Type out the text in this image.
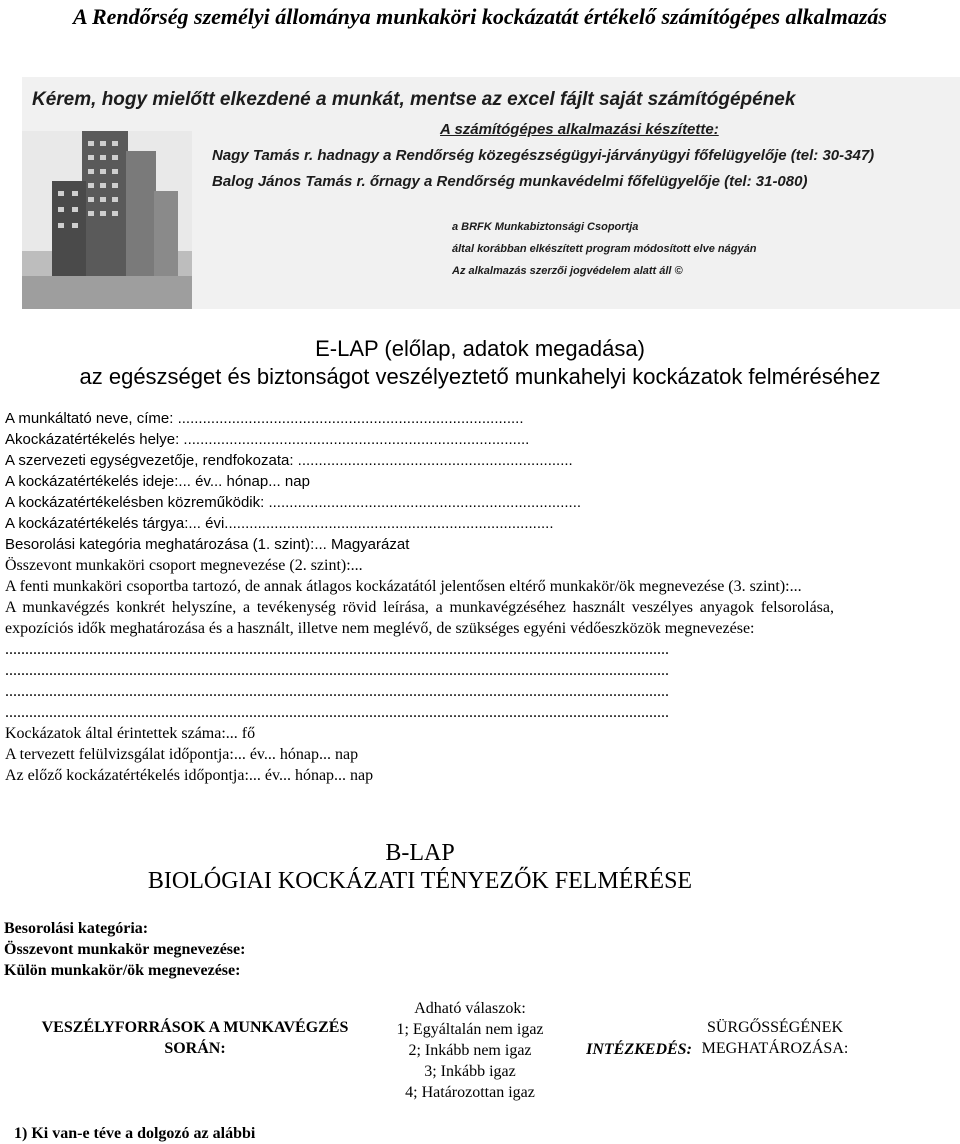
A Rendőrség személyi állománya munkaköri kockázatát értékelő számítógépes alkalmazás
Kérem, hogy mielőtt elkezdené a munkát, mentse az excel fájlt saját számítógépének
A számítógépes alkalmazási készítette:
Nagy Tamás r. hadnagy a Rendőrség közegészségügyi-járványügyi főfelügyelője (tel: 30-347)
Balog János Tamás r. őrnagy a Rendőrség munkavédelmi főfelügyelője (tel: 31-080)
a BRFK Munkabiztonsági Csoportja
által korábban elkészített program módosított elve nágyán
Az alkalmazás szerzői jogvédelem alatt áll ©
E-LAP (előlap, adatok megadása)
az egészséget és biztonságot veszélyeztető munkahelyi kockázatok felméréséhez

A munkáltató neve, címe: ...................................................................................

Akockázatértékelés helye: ...................................................................................

A szervezeti egységvezetője, rendfokozata: ..................................................................

A kockázatértékelés ideje:... év... hónap... nap

A kockázatértékelésben közreműködik: ...........................................................................

A kockázatértékelés tárgya:... évi...............................................................................

Besorolási kategória meghatározása (1. szint):... Magyarázat

Összevont munkaköri csoport megnevezése (2. szint):...

A fenti munkaköri csoportba tartozó, de annak átlagos kockázatától jelentősen eltérő munkakör/ök megnevezése (3. szint):...

A munkavégzés konkrét helyszíne, a tevékenység rövid leírása, a munkavégzéséhez használt veszélyes anyagok felsorolása, expozíciós idők meghatározása és a használt, illetve nem meglévő, de szükséges egyéni védőeszközök megnevezése:

......................................................................................................................................................................

......................................................................................................................................................................

......................................................................................................................................................................

......................................................................................................................................................................

Kockázatok által érintettek száma:... fő

A tervezett felülvizsgálat időpontja:... év... hónap... nap

Az előző kockázatértékelés időpontja:... év... hónap... nap

B-LAP
BIOLÓGIAI KOCKÁZATI TÉNYEZŐK FELMÉRÉSE
Besorolási kategória:
Összevont munkakör megnevezése:
Külön munkakör/ök megnevezése:
VESZÉLYFORRÁSOK A MUNKAVÉGZÉS SORÁN:
Adható válaszok:
1; Egyáltalán nem igaz
2; Inkább nem igaz
3; Inkább igaz
4; Határozottan igaz
INTÉZKEDÉS:
SÜRGŐSSÉGÉNEK MEGHATÁROZÁSA:
1) Ki van-e téve a dolgozó az alábbi
